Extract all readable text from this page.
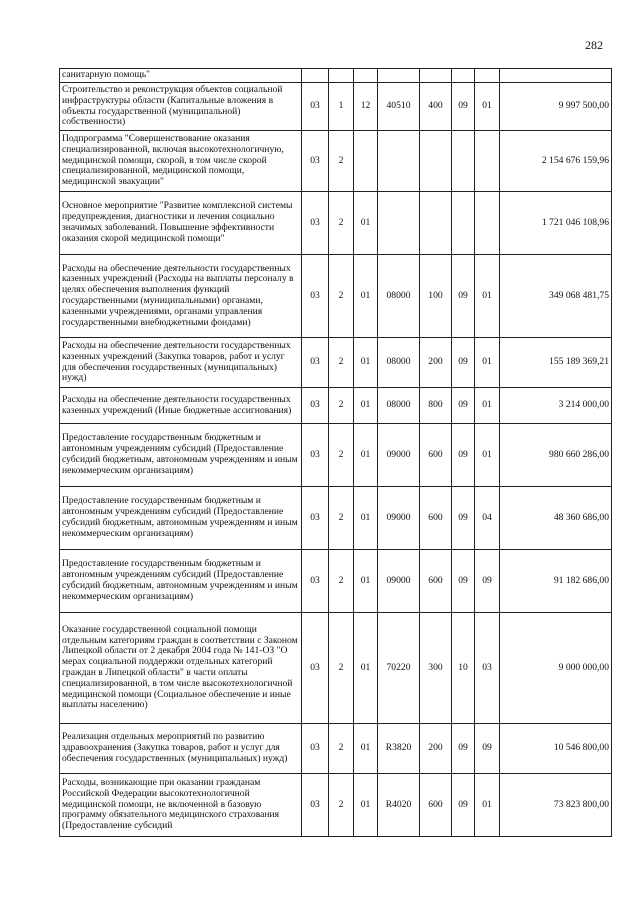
282
санитарную помощь"								
Строительство и реконструкция объектов социальной инфраструктуры области (Капитальные вложения в объекты государственной (муниципальной) собственности)	03	1	12	40510	400	09	01	9 997 500,00
Подпрограмма "Совершенствование оказания специализированной, включая высокотехнологичную, медицинской помощи, скорой, в том числе скорой специализированной, медицинской помощи, медицинской эвакуации"	03	2						2 154 676 159,96
Основное мероприятие "Развитие комплексной системы предупреждения, диагностики и лечения социально значимых заболеваний. Повышение эффективности оказания скорой медицинской помощи"	03	2	01					1 721 046 108,96
Расходы на обеспечение деятельности государственных казенных учреждений (Расходы на выплаты персоналу в целях обеспечения выполнения функций государственными (муниципальными) органами, казенными учреждениями, органами управления государственными внебюджетными фондами)	03	2	01	08000	100	09	01	349 068 481,75
Расходы на обеспечение деятельности государственных казенных учреждений (Закупка товаров, работ и услуг для обеспечения государственных (муниципальных) нужд)	03	2	01	08000	200	09	01	155 189 369,21
Расходы на обеспечение деятельности государственных казенных учреждений (Иные бюджетные ассигнования)	03	2	01	08000	800	09	01	3 214 000,00
Предоставление государственным бюджетным и автономным учреждениям субсидий (Предоставление субсидий бюджетным, автономным учреждениям и иным некоммерческим организациям)	03	2	01	09000	600	09	01	980 660 286,00
Предоставление государственным бюджетным и автономным учреждениям субсидий (Предоставление субсидий бюджетным, автономным учреждениям и иным некоммерческим организациям)	03	2	01	09000	600	09	04	48 360 686,00
Предоставление государственным бюджетным и автономным учреждениям субсидий (Предоставление субсидий бюджетным, автономным учреждениям и иным некоммерческим организациям)	03	2	01	09000	600	09	09	91 182 686,00
Оказание государственной социальной помощи отдельным категориям граждан в соответствии с Законом Липецкой области от 2 декабря 2004 года № 141-ОЗ "О мерах социальной поддержки отдельных категорий граждан в Липецкой области" в части оплаты специализированной, в том числе высокотехнологичной медицинской помощи (Социальное обеспечение и иные выплаты населению)	03	2	01	70220	300	10	03	9 000 000,00
Реализация отдельных мероприятий по развитию здравоохранения (Закупка товаров, работ и услуг для обеспечения государственных (муниципальных) нужд)	03	2	01	R3820	200	09	09	10 546 800,00
Расходы, возникающие при оказании гражданам Российской Федерации высокотехнологичной медицинской помощи, не включенной в базовую программу обязательного медицинского страхования (Предоставление субсидий	03	2	01	R4020	600	09	01	73 823 800,00
